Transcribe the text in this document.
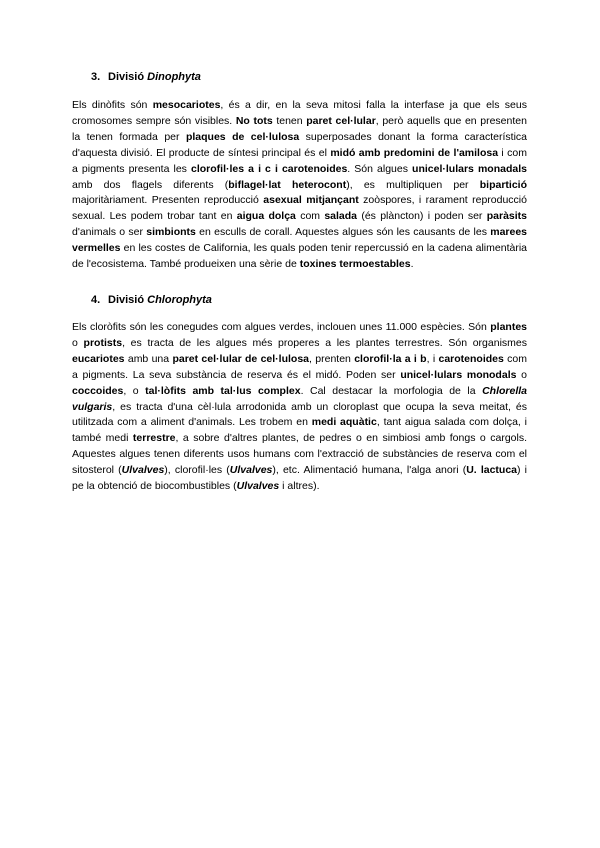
3. Divisió Dinophyta

Els dinòfits són mesocariotes, és a dir, en la seva mitosi falla la interfase ja que els seus cromosomes sempre són visibles. No tots tenen paret cel·lular, però aquells que en presenten la tenen formada per plaques de cel·lulosa superposades donant la forma característica d'aquesta divisió. El producte de síntesi principal és el midó amb predomini de l'amilosa i com a pigments presenta les clorofil·les a i c i carotenoides. Són algues unicel·lulars monadals amb dos flagels diferents (biflagel·lat heterocont), es multipliquen per bipartició majoritàriament. Presenten reproducció asexual mitjançant zoòspores, i rarament reproducció sexual. Les podem trobar tant en aigua dolça com salada (és plàncton) i poden ser paràsits d'animals o ser simbionts en esculls de corall. Aquestes algues són les causants de les marees vermelles en les costes de California, les quals poden tenir repercussió en la cadena alimentària de l'ecosistema. També produeixen una sèrie de toxines termoestables.

4. Divisió Chlorophyta

Els cloròfits són les conegudes com algues verdes, inclouen unes 11.000 espècies. Són plantes o protists, es tracta de les algues més properes a les plantes terrestres. Són organismes eucariotes amb una paret cel·lular de cel·lulosa, prenten clorofil·la a i b, i carotenoides com a pigments. La seva substància de reserva és el midó. Poden ser unicel·lulars monodals o coccoides, o tal·lòfits amb tal·lus complex. Cal destacar la morfologia de la Chlorella vulgaris, es tracta d'una cèl·lula arrodonida amb un cloroplast que ocupa la seva meitat, és utilitzada com a aliment d'animals. Les trobem en medi aquàtic, tant aigua salada com dolça, i també medi terrestre, a sobre d'altres plantes, de pedres o en simbiosi amb fongs o cargols. Aquestes algues tenen diferents usos humans com l'extracció de substàncies de reserva com el sitosterol (Ulvalves), clorofil·les (Ulvalves), etc. Alimentació humana, l'alga anori (U. lactuca) i pe la obtenció de biocombustibles (Ulvalves i altres).
